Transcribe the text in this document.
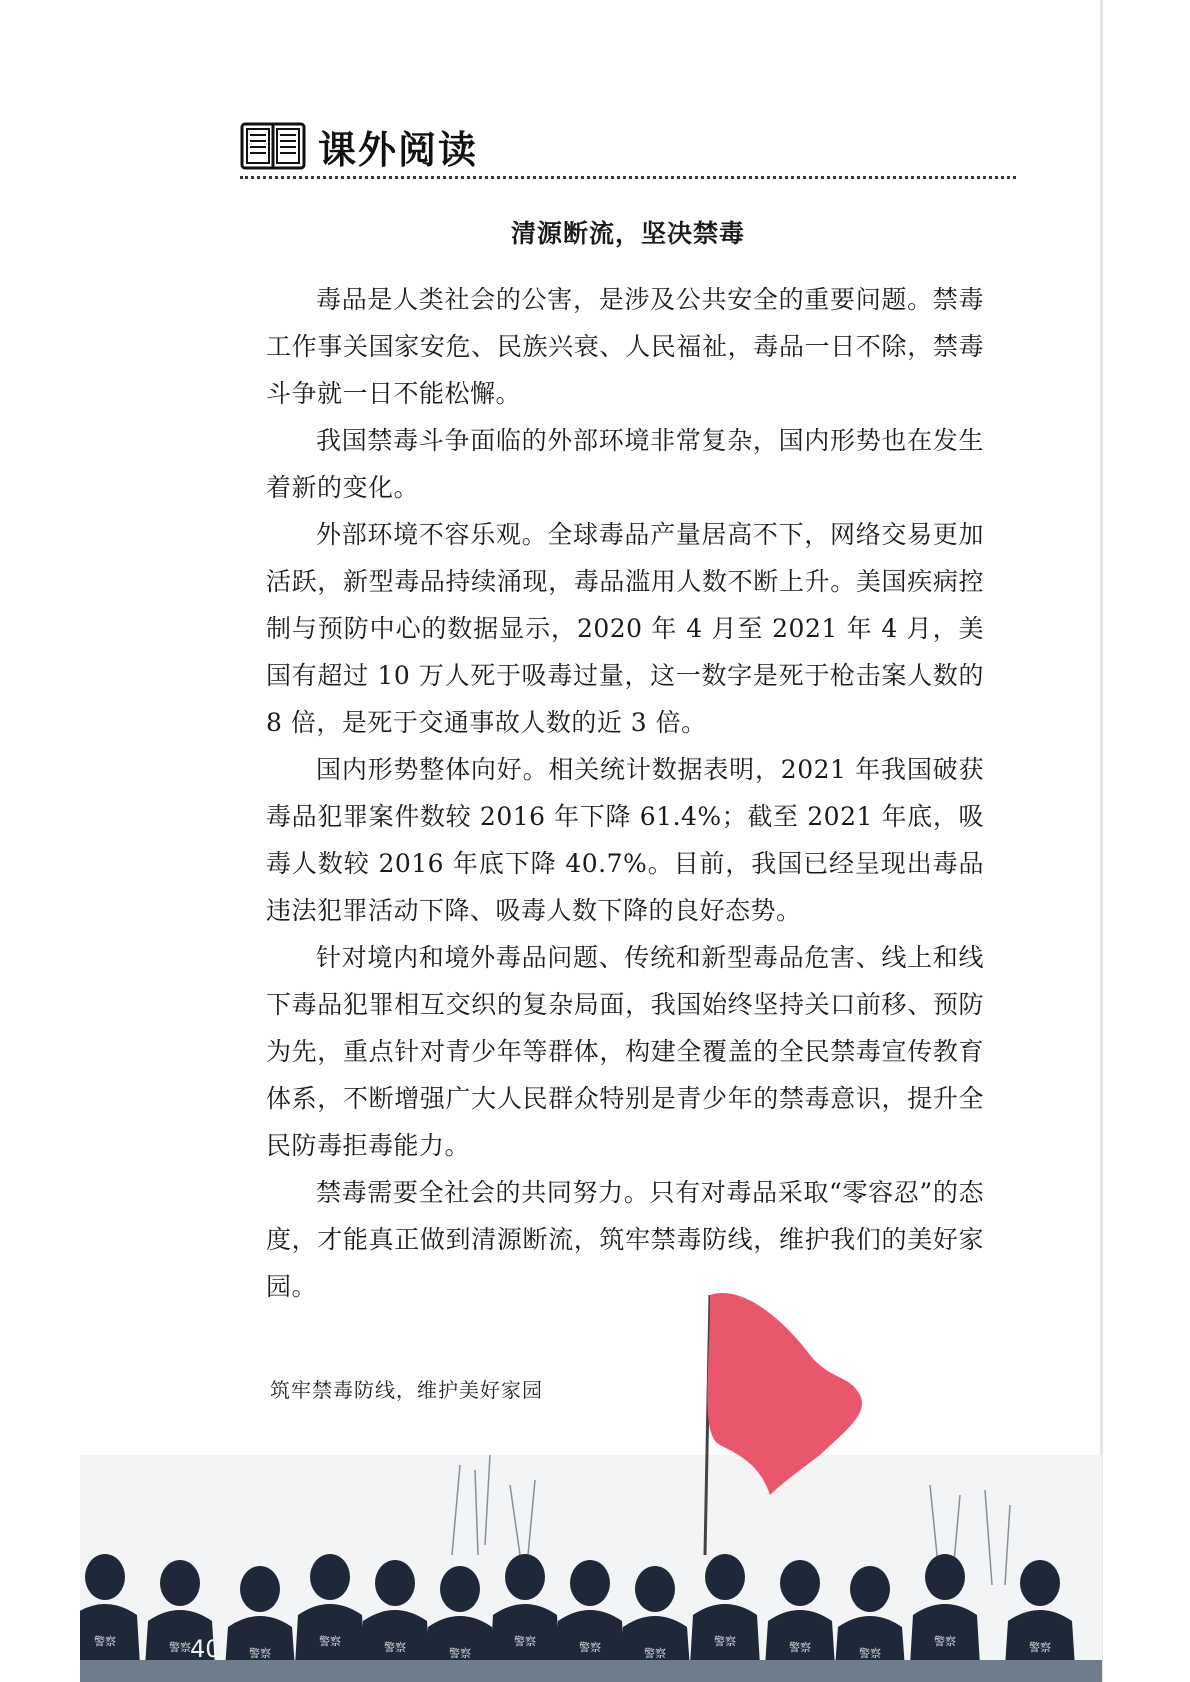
课外阅读
清源断流，坚决禁毒

毒品是人类社会的公害，是涉及公共安全的重要问题。禁毒工作事关国家安危、民族兴衰、人民福祉，毒品一日不除，禁毒斗争就一日不能松懈。

我国禁毒斗争面临的外部环境非常复杂，国内形势也在发生着新的变化。

外部环境不容乐观。全球毒品产量居高不下，网络交易更加活跃，新型毒品持续涌现，毒品滥用人数不断上升。美国疾病控制与预防中心的数据显示，2020 年 4 月至 2021 年 4 月，美国有超过 10 万人死于吸毒过量，这一数字是死于枪击案人数的 8 倍，是死于交通事故人数的近 3 倍。

国内形势整体向好。相关统计数据表明，2021 年我国破获毒品犯罪案件数较 2016 年下降 61.4%；截至 2021 年底，吸毒人数较 2016 年底下降 40.7%。目前，我国已经呈现出毒品违法犯罪活动下降、吸毒人数下降的良好态势。

针对境内和境外毒品问题、传统和新型毒品危害、线上和线下毒品犯罪相互交织的复杂局面，我国始终坚持关口前移、预防为先，重点针对青少年等群体，构建全覆盖的全民禁毒宣传教育体系，不断增强广大人民群众特别是青少年的禁毒意识，提升全民防毒拒毒能力。

禁毒需要全社会的共同努力。只有对毒品采取“零容忍”的态度，才能真正做到清源断流，筑牢禁毒防线，维护我们的美好家园。

筑牢禁毒防线，维护美好家园
警察	警察	警察
警察	警察	警察
警察	警察	警察
警察	警察	警察
警察	警察
40
